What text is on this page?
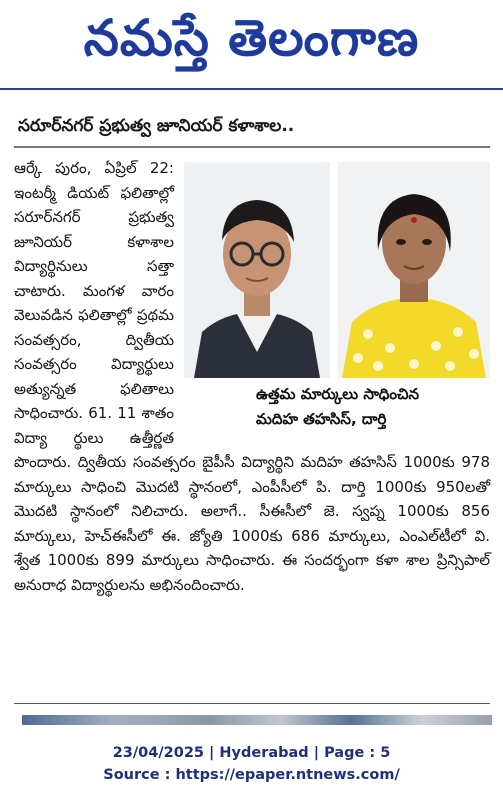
నమస్తే తెలంగాణ
సరూర్‌నగర్ ప్రభుత్వ జూనియర్ కళాశాల..
ఉత్తమ మార్కులు సాధించిన
మదిహ తహసిస్, దార్తి
ఆర్కే పురం, ఏప్రిల్ 22: ఇంటర్మీ డియట్ ఫలితాల్లో సరూర్‌నగర్ ప్రభుత్వ జూనియర్ కళాశాల విద్యార్థినులు సత్తా చాటారు. మంగళ వారం వెలువడిన ఫలితాల్లో ప్రథమ సంవత్సరం, ద్వితీయ సంవత్సరం విద్యార్థులు అత్యున్నత ఫలితాలు సాధించారు. 61. 11 శాతం విద్యా ర్థులు ఉత్తీర్ణత పొందారు. ద్వితీయ సంవత్సరం బైపీసీ విద్యార్థిని మదిహ తహసిస్ 1000కు 978 మార్కులు సాధించి మొదటి స్థానంలో, ఎంపీసీలో పి. దార్తి 1000కు 950లతో మొదటి స్థానంలో నిలిచారు. అలాగే.. సీఈసీలో జె. స్వప్న 1000కు 856 మార్కులు, హెచ్ఈసీలో ఈ. జ్యోతి 1000కు 686 మార్కులు, ఎంఎల్‌టీలో వి. శ్వేత 1000కు 899 మార్కులు సాధించారు. ఈ సందర్భంగా కళా శాల ప్రిన్సిపాల్ అనురాధ విద్యార్థులను అభినందించారు.
23/04/2025 | Hyderabad | Page : 5
Source : https://epaper.ntnews.com/
